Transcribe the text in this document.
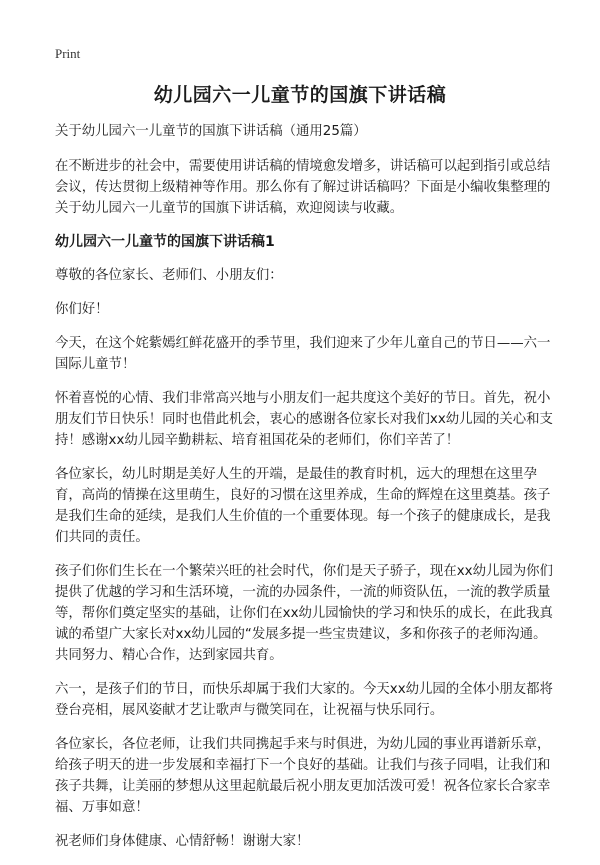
Print
幼儿园六一儿童节的国旗下讲话稿

关于幼儿园六一儿童节的国旗下讲话稿（通用25篇）

在不断进步的社会中，需要使用讲话稿的情境愈发增多，讲话稿可以起到指引或总结会议，传达贯彻上级精神等作用。那么你有了解过讲话稿吗？下面是小编收集整理的关于幼儿园六一儿童节的国旗下讲话稿，欢迎阅读与收藏。

幼儿园六一儿童节的国旗下讲话稿1

尊敬的各位家长、老师们、小朋友们：

你们好！

今天，在这个姹紫嫣红鲜花盛开的季节里，我们迎来了少年儿童自己的节日——六一国际儿童节！

怀着喜悦的心情、我们非常高兴地与小朋友们一起共度这个美好的节日。首先，祝小朋友们节日快乐！同时也借此机会，衷心的感谢各位家长对我们xx幼儿园的关心和支持！感谢xx幼儿园辛勤耕耘、培育祖国花朵的老师们，你们辛苦了！

各位家长，幼儿时期是美好人生的开端，是最佳的教育时机，远大的理想在这里孕育，高尚的情操在这里萌生，良好的习惯在这里养成，生命的辉煌在这里奠基。孩子是我们生命的延续，是我们人生价值的一个重要体现。每一个孩子的健康成长，是我们共同的责任。

孩子们你们生长在一个繁荣兴旺的社会时代，你们是天子骄子，现在xx幼儿园为你们提供了优越的学习和生活环境，一流的办园条件，一流的师资队伍，一流的教学质量等，帮你们奠定坚实的基础，让你们在xx幼儿园愉快的学习和快乐的成长，在此我真诚的希望广大家长对xx幼儿园的“发展多提一些宝贵建议，多和你孩子的老师沟通。共同努力、精心合作，达到家园共育。

六一，是孩子们的节日，而快乐却属于我们大家的。今天xx幼儿园的全体小朋友都将登台亮相，展风姿献才艺让歌声与微笑同在，让祝福与快乐同行。

各位家长，各位老师，让我们共同携起手来与时俱进，为幼儿园的事业再谱新乐章，给孩子明天的进一步发展和幸福打下一个良好的基础。让我们与孩子同唱，让我们和孩子共舞，让美丽的梦想从这里起航最后祝小朋友更加活泼可爱！祝各位家长合家幸福、万事如意！

祝老师们身体健康、心情舒畅！谢谢大家！
